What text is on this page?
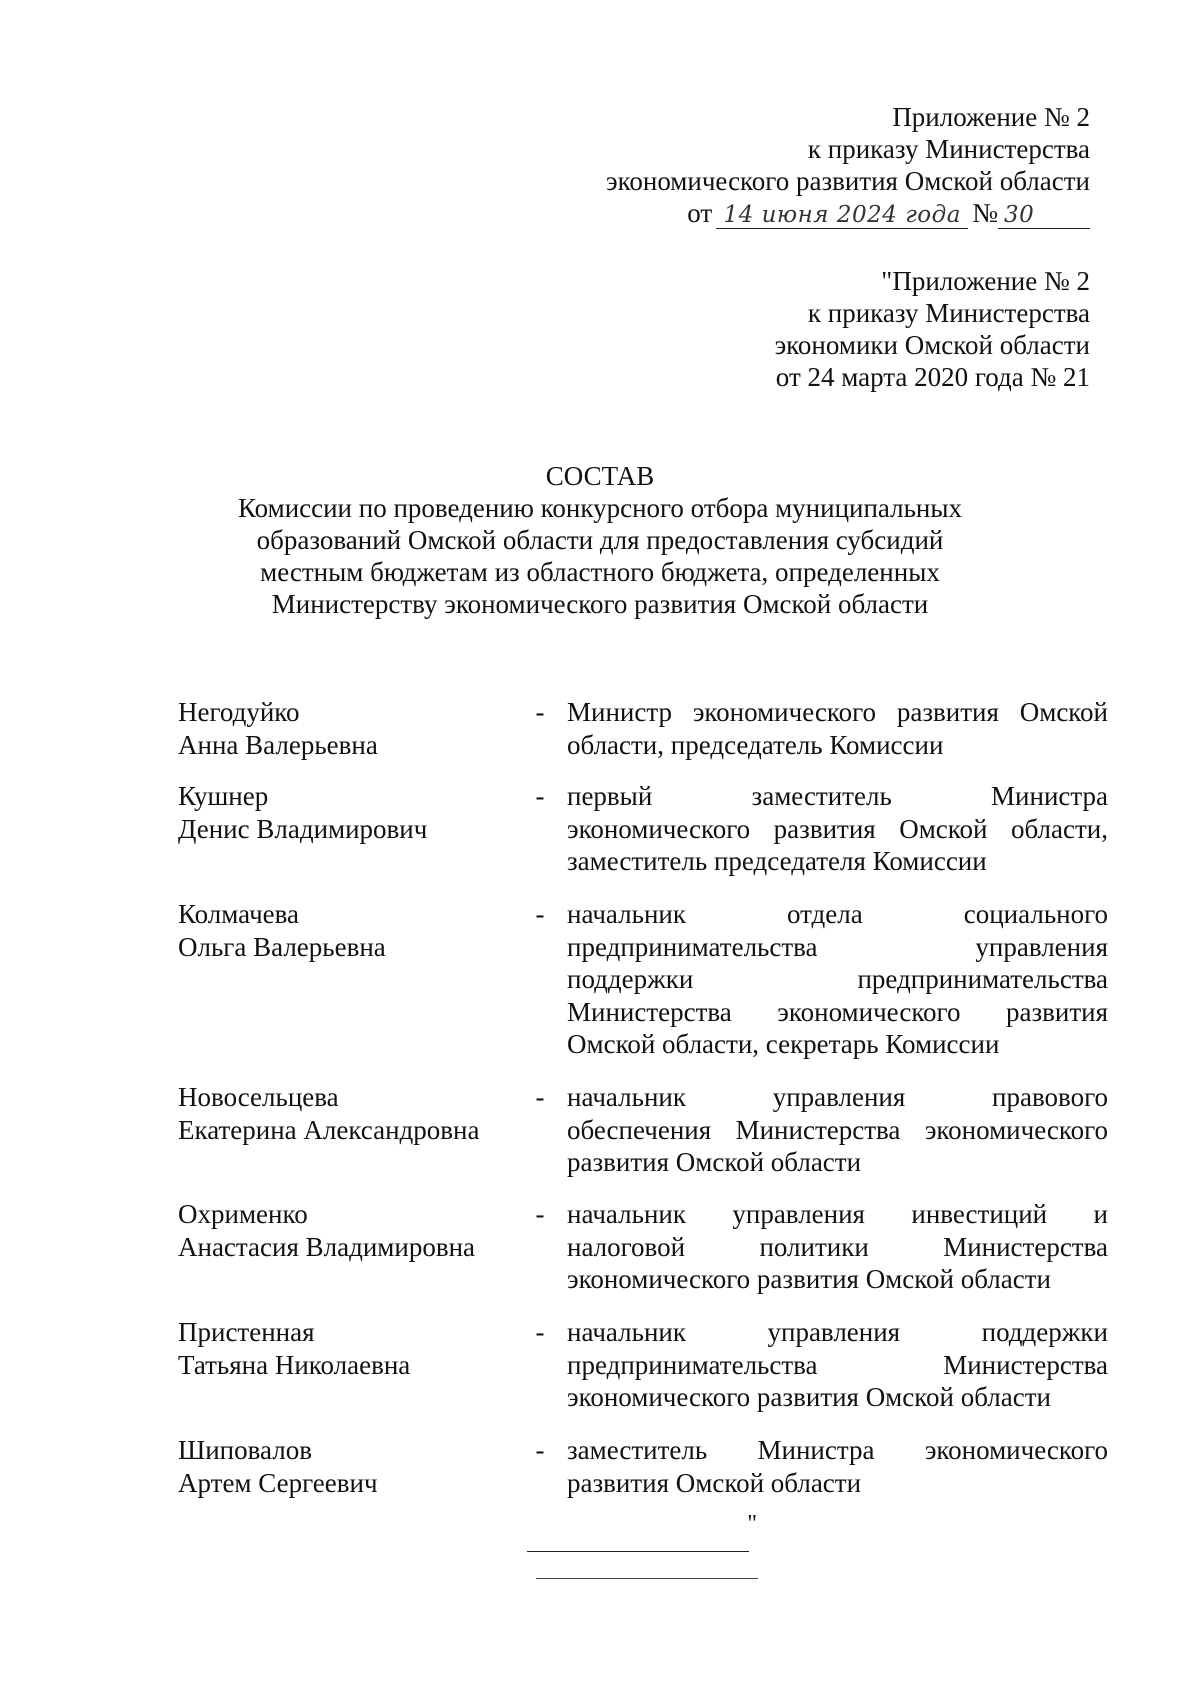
Приложение № 2
к приказу Министерства
экономического развития Омской области
от 14 июня 2024 года № 30
"Приложение № 2
к приказу Министерства
экономики Омской области
от 24 марта 2020 года № 21
СОСТАВ
Комиссии по проведению конкурсного отбора муниципальных
образований Омской области для предоставления субсидий
местным бюджетам из областного бюджета, определенных
Министерству экономического развития Омской области
Негодуйко
Анна Валерьевна
- Министр экономического развития Омской
области, председатель Комиссии
Кушнер
Денис Владимирович
- первый заместитель Министра
экономического развития Омской области,
заместитель председателя Комиссии
Колмачева
Ольга Валерьевна
- начальник отдела социального
предпринимательства управления
поддержки предпринимательства
Министерства экономического развития
Омской области, секретарь Комиссии
Новосельцева
Екатерина Александровна
- начальник управления правового
обеспечения Министерства экономического
развития Омской области
Охрименко
Анастасия Владимировна
- начальник управления инвестиций и
налоговой политики Министерства
экономического развития Омской области
Пристенная
Татьяна Николаевна
- начальник управления поддержки
предпринимательства Министерства
экономического развития Омской области
Шиповалов
Артем Сергеевич
- заместитель Министра экономического
развития Омской области
"
